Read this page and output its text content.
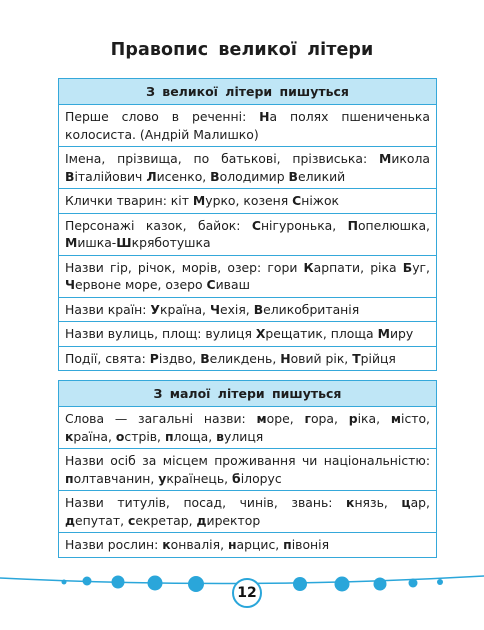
Правопис великої літери
З великої літери пишуться
Перше слово в реченні: На полях пшениченька колосиста. (Андрій Малишко)
Імена, прізвища, по батькові, прізвиська: Микола Віталійович Лисенко, Володимир Великий
Клички тварин: кіт Мурко, козеня Сніжок
Персонажі казок, байок: Снігуронька, Попелюшка, Мишка-Шкряботушка
Назви гір, річок, морів, озер: гори Карпати, ріка Буг, Червоне море, озеро Сиваш
Назви країн: Україна, Чехія, Великобританія
Назви вулиць, площ: вулиця Хрещатик, площа Миру
Події, свята: Різдво, Великдень, Новий рік, Трійця
З малої літери пишуться
Слова — загальні назви: море, гора, ріка, місто, країна, острів, площа, вулиця
Назви осіб за місцем проживання чи національністю: полтавчанин, українець, білорус
Назви титулів, посад, чинів, звань: князь, цар, депутат, секретар, директор
Назви рослин: конвалія, нарцис, півонія
12
